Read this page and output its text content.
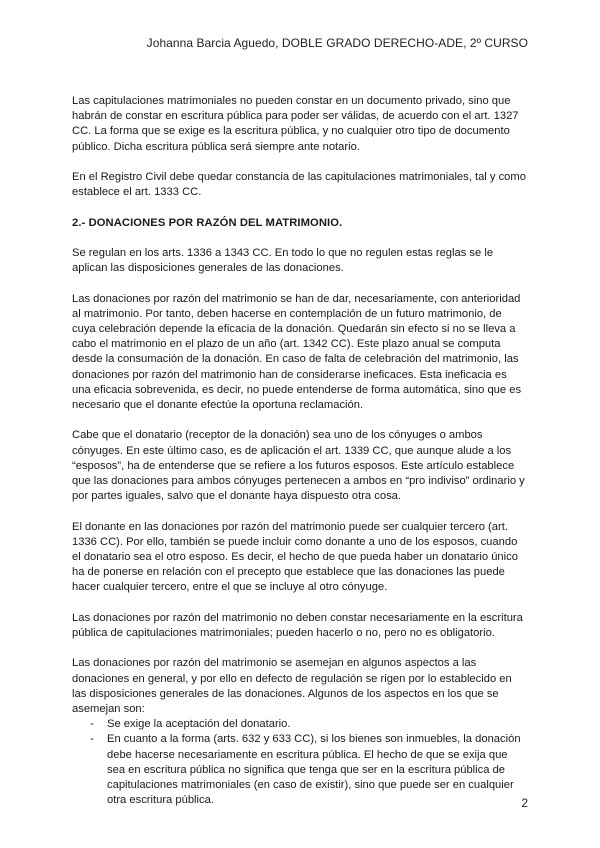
Johanna Barcia Aguedo, DOBLE GRADO DERECHO-ADE, 2º CURSO

Las capitulaciones matrimoniales no pueden constar en un documento privado, sino que habrán de constar en escritura pública para poder ser válidas, de acuerdo con el art. 1327 CC. La forma que se exige es la escritura pública, y no cualquier otro tipo de documento público. Dicha escritura pública será siempre ante notario.

En el Registro Civil debe quedar constancia de las capitulaciones matrimoniales, tal y como establece el art. 1333 CC.

2.- DONACIONES POR RAZÓN DEL MATRIMONIO.

Se regulan en los arts. 1336 a 1343 CC. En todo lo que no regulen estas reglas se le aplican las disposiciones generales de las donaciones.

Las donaciones por razón del matrimonio se han de dar, necesariamente, con anterioridad al matrimonio. Por tanto, deben hacerse en contemplación de un futuro matrimonio, de cuya celebración depende la eficacia de la donación. Quedarán sin efecto si no se lleva a cabo el matrimonio en el plazo de un año (art. 1342 CC). Este plazo anual se computa desde la consumación de la donación. En caso de falta de celebración del matrimonio, las donaciones por razón del matrimonio han de considerarse ineficaces. Esta ineficacia es una eficacia sobrevenida, es decir, no puede entenderse de forma automática, sino que es necesario que el donante efectúe la oportuna reclamación.

Cabe que el donatario (receptor de la donación) sea uno de los cónyuges o ambos cónyuges. En este último caso, es de aplicación el art. 1339 CC, que aunque alude a los “esposos”, ha de entenderse que se refiere a los futuros esposos. Este artículo establece que las donaciones para ambos cónyuges pertenecen a ambos en “pro indiviso” ordinario y por partes iguales, salvo que el donante haya dispuesto otra cosa.

El donante en las donaciones por razón del matrimonio puede ser cualquier tercero (art. 1336 CC). Por ello, también se puede incluir como donante a uno de los esposos, cuando el donatario sea el otro esposo. Es decir, el hecho de que pueda haber un donatario único ha de ponerse en relación con el precepto que establece que las donaciones las puede hacer cualquier tercero, entre el que se incluye al otro cónyuge.

Las donaciones por razón del matrimonio no deben constar necesariamente en la escritura pública de capitulaciones matrimoniales; pueden hacerlo o no, pero no es obligatorio.

Las donaciones por razón del matrimonio se asemejan en algunos aspectos a las donaciones en general, y por ello en defecto de regulación se rigen por lo establecido en las disposiciones generales de las donaciones. Algunos de los aspectos en los que se asemejan son:

- Se exige la aceptación del donatario.
- En cuanto a la forma (arts. 632 y 633 CC), si los bienes son inmuebles, la donación debe hacerse necesariamente en escritura pública. El hecho de que se exija que sea en escritura pública no significa que tenga que ser en la escritura pública de capitulaciones matrimoniales (en caso de existir), sino que puede ser en cualquier otra escritura pública.	2
